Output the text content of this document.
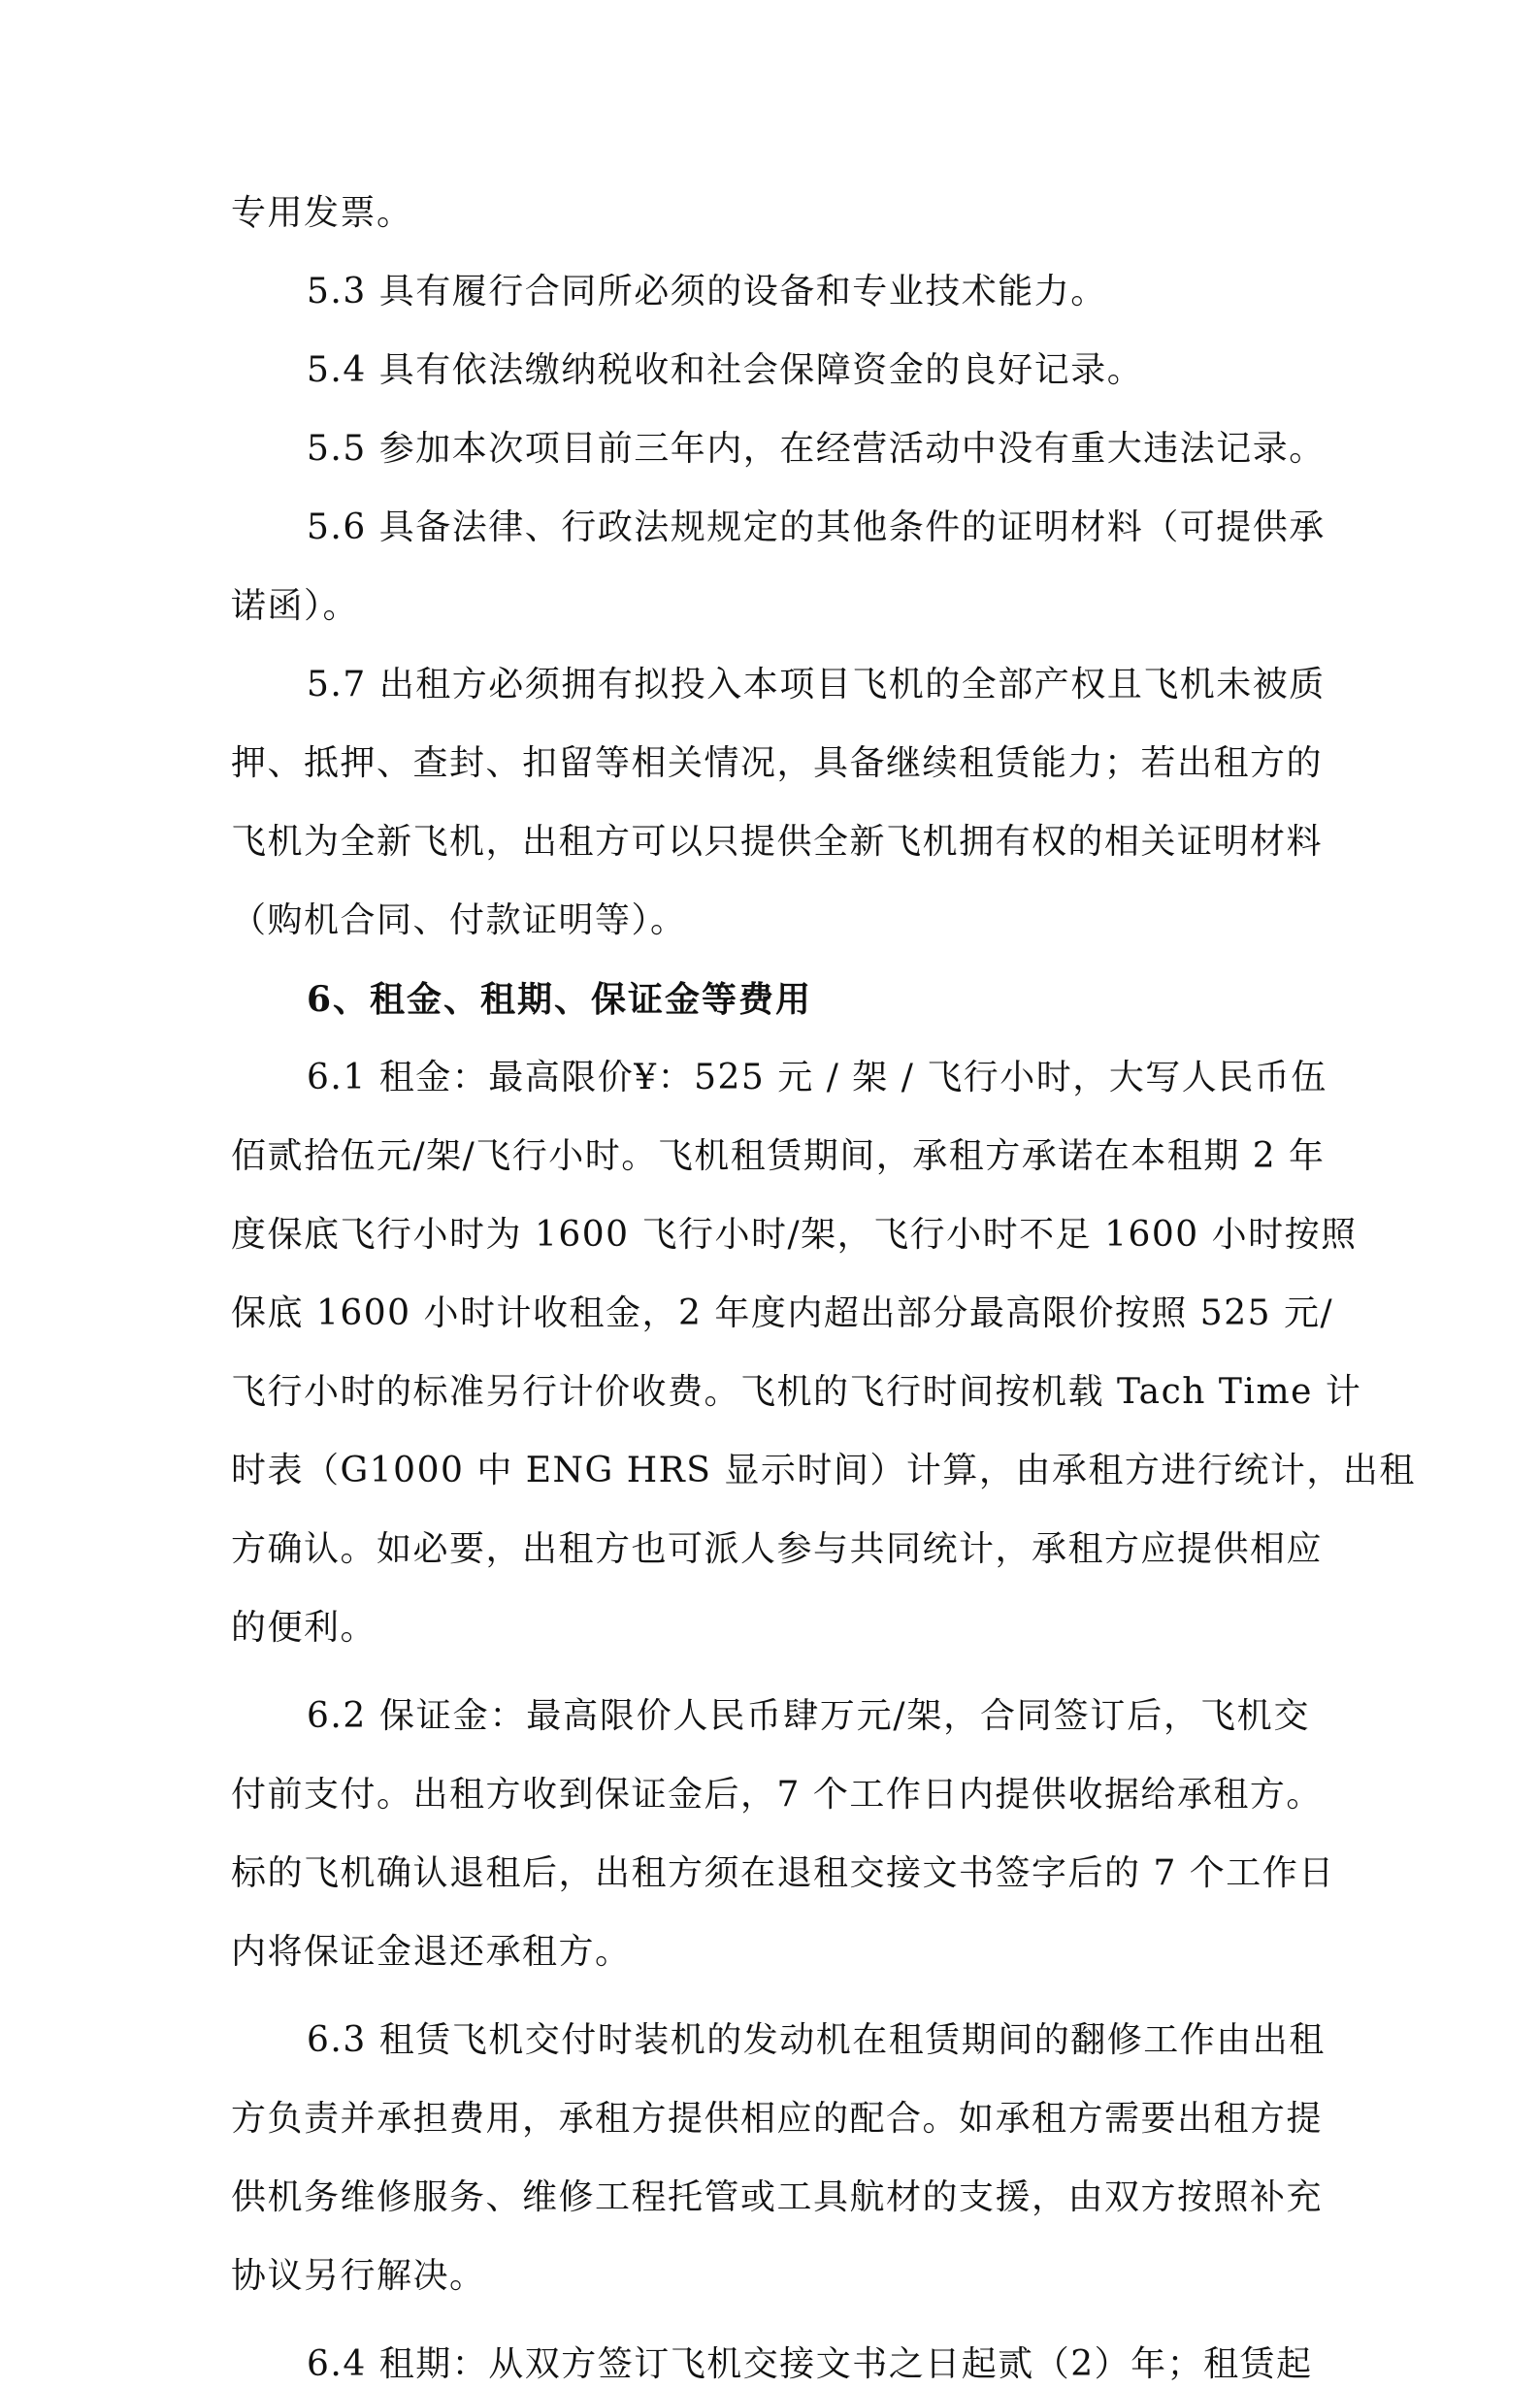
专用发票。
5.3 具有履行合同所必须的设备和专业技术能力。
5.4 具有依法缴纳税收和社会保障资金的良好记录。
5.5 参加本次项目前三年内，在经营活动中没有重大违法记录。
5.6 具备法律、行政法规规定的其他条件的证明材料（可提供承
诺函）。
5.7 出租方必须拥有拟投入本项目飞机的全部产权且飞机未被质
押、抵押、查封、扣留等相关情况，具备继续租赁能力；若出租方的
飞机为全新飞机，出租方可以只提供全新飞机拥有权的相关证明材料
（购机合同、付款证明等）。
6、租金、租期、保证金等费用
6.1 租金：最高限价¥：525 元 / 架 / 飞行小时，大写人民币伍
佰贰拾伍元/架/飞行小时。飞机租赁期间，承租方承诺在本租期 2 年
度保底飞行小时为 1600 飞行小时/架，飞行小时不足 1600 小时按照
保底 1600 小时计收租金，2 年度内超出部分最高限价按照 525 元/
飞行小时的标准另行计价收费。飞机的飞行时间按机载 Tach Time 计
时表（G1000 中 ENG HRS 显示时间）计算，由承租方进行统计，出租
方确认。如必要，出租方也可派人参与共同统计，承租方应提供相应
的便利。
6.2 保证金：最高限价人民币肆万元/架，合同签订后，飞机交
付前支付。出租方收到保证金后，7 个工作日内提供收据给承租方。
标的飞机确认退租后，出租方须在退租交接文书签字后的 7 个工作日
内将保证金退还承租方。
6.3 租赁飞机交付时装机的发动机在租赁期间的翻修工作由出租
方负责并承担费用，承租方提供相应的配合。如承租方需要出租方提
供机务维修服务、维修工程托管或工具航材的支援，由双方按照补充
协议另行解决。
6.4 租期：从双方签订飞机交接文书之日起贰（2）年；租赁起
